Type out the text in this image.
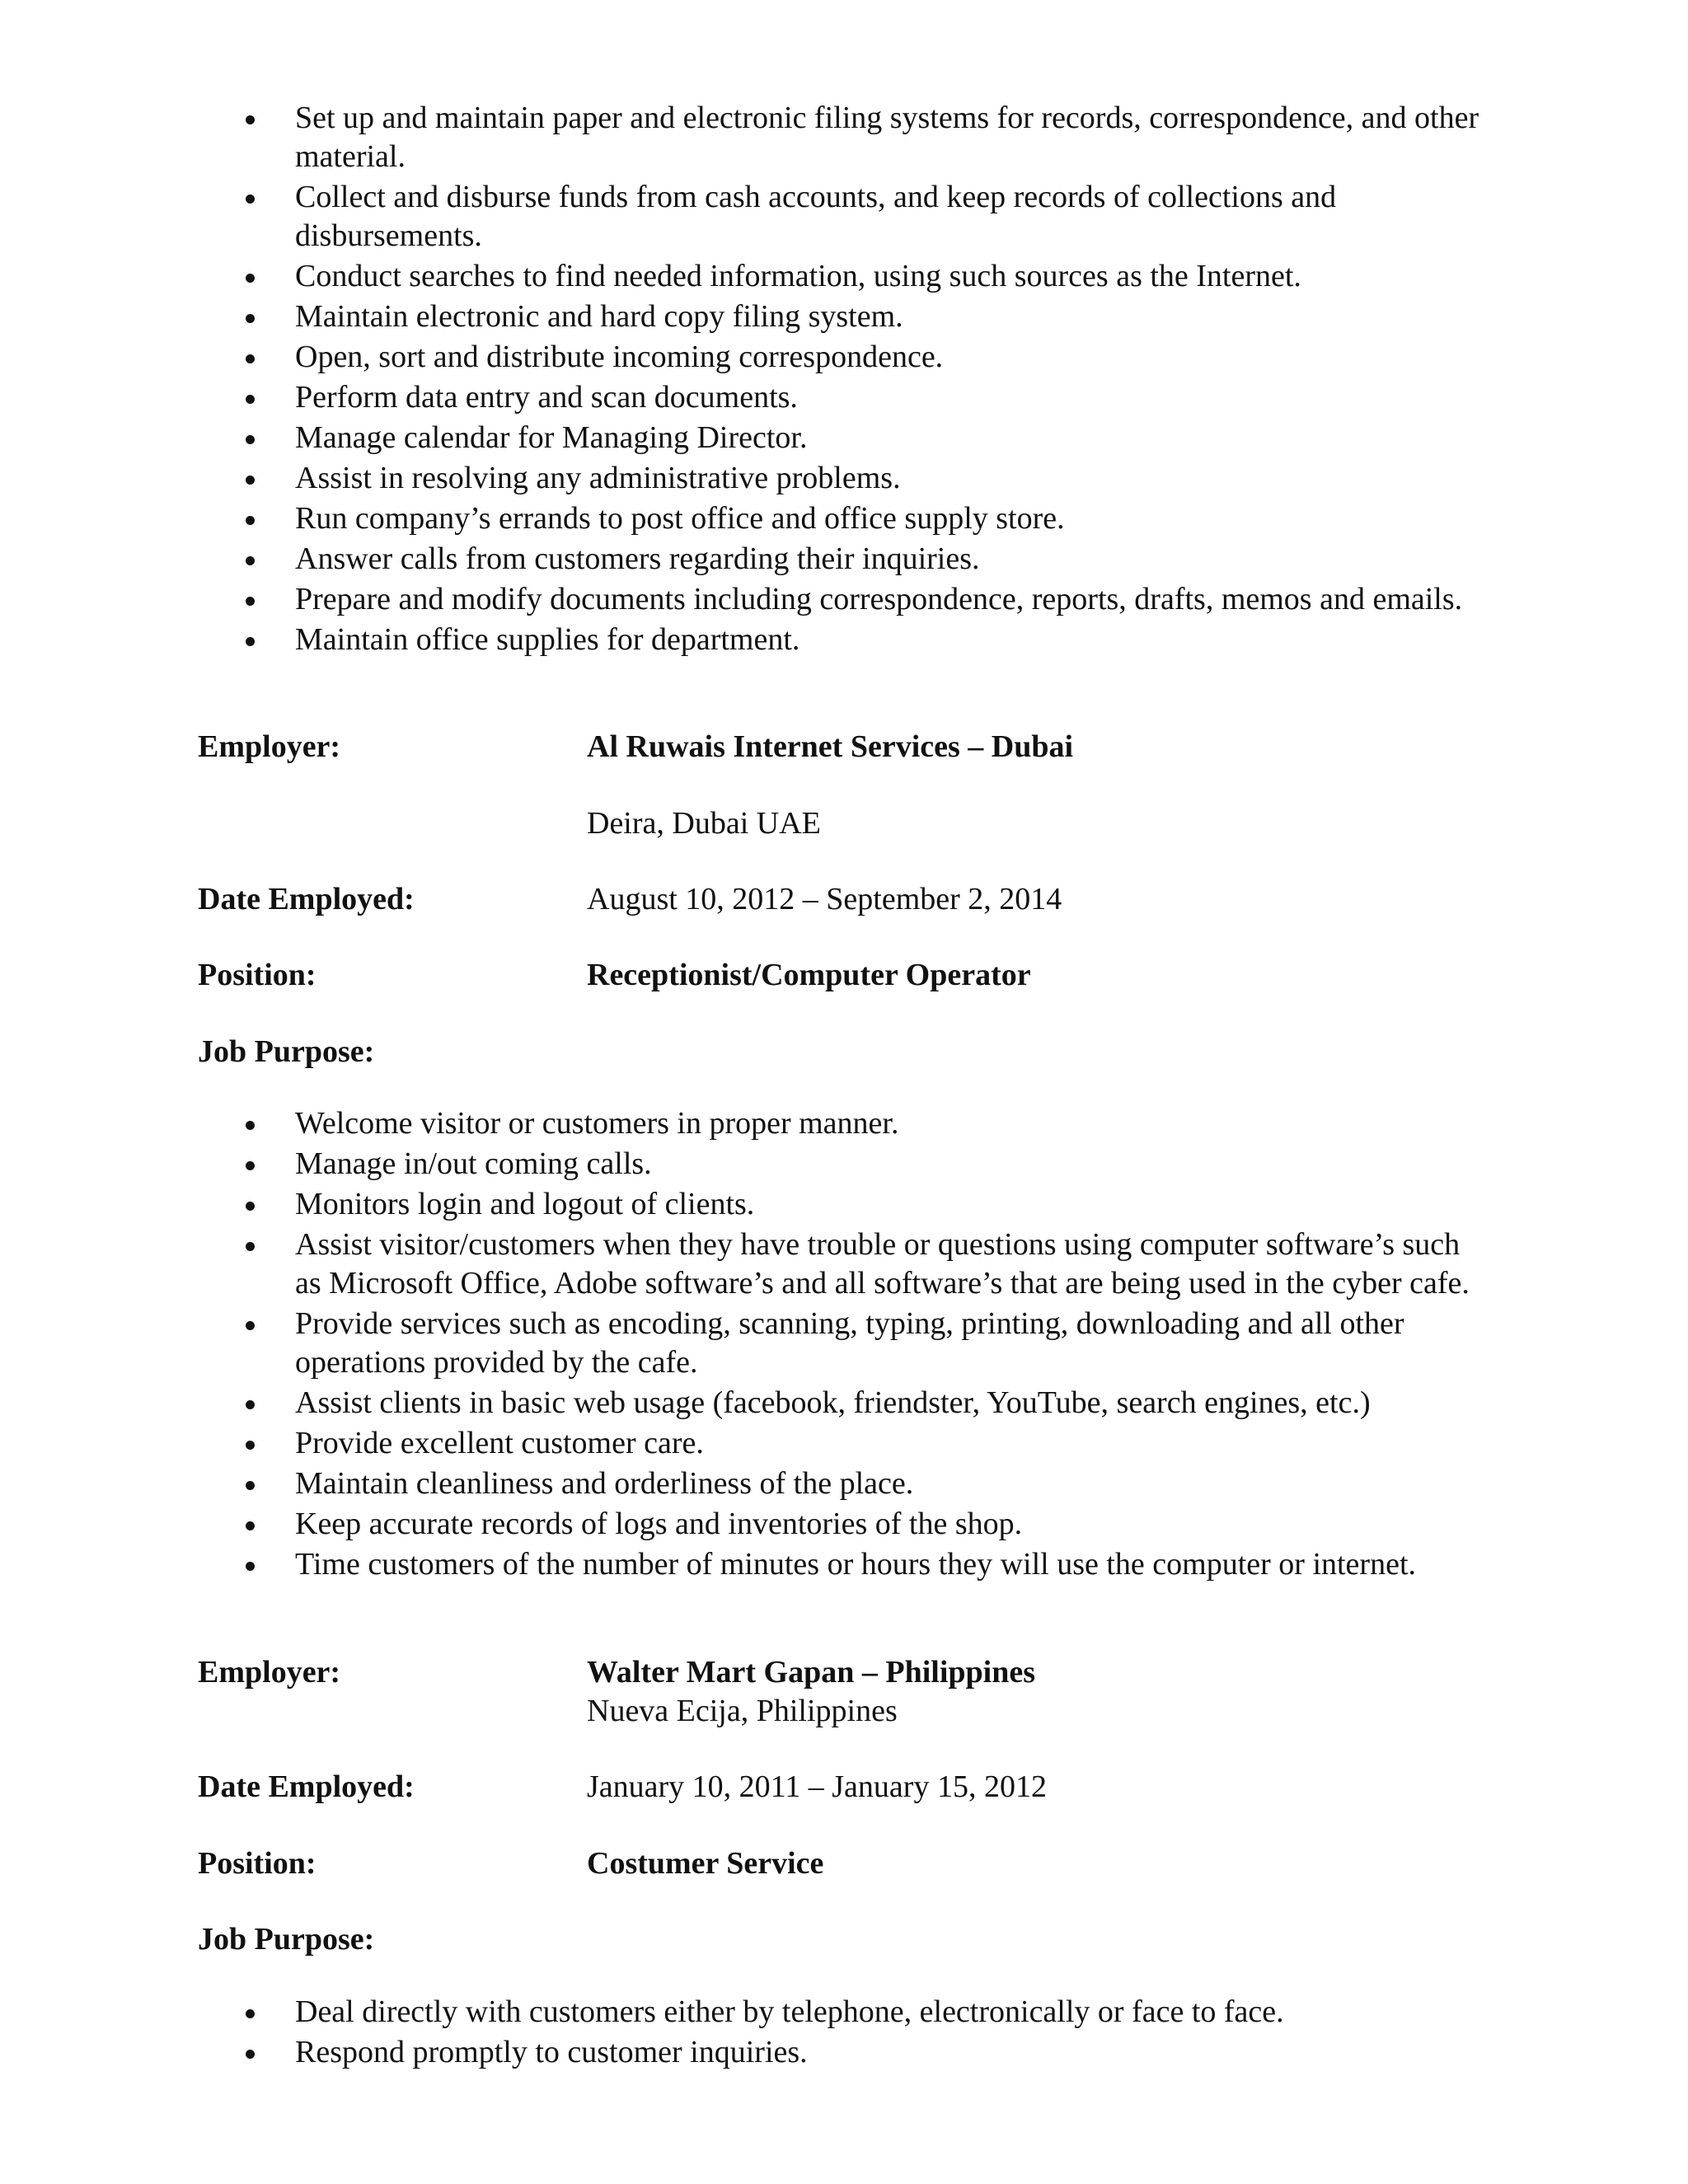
Set up and maintain paper and electronic filing systems for records, correspondence, and other material.
Collect and disburse funds from cash accounts, and keep records of collections and disbursements.
Conduct searches to find needed information, using such sources as the Internet.
Maintain electronic and hard copy filing system.
Open, sort and distribute incoming correspondence.
Perform data entry and scan documents.
Manage calendar for Managing Director.
Assist in resolving any administrative problems.
Run company’s errands to post office and office supply store.
Answer calls from customers regarding their inquiries.
Prepare and modify documents including correspondence, reports, drafts, memos and emails.
Maintain office supplies for department.
Employer:	Al Ruwais Internet Services – Dubai
Deira, Dubai UAE
Date Employed:	August 10, 2012 – September 2, 2014
Position:	Receptionist/Computer Operator
Job Purpose:
Welcome visitor or customers in proper manner.
Manage in/out coming calls.
Monitors login and logout of clients.
Assist visitor/customers when they have trouble or questions using computer software’s such as Microsoft Office, Adobe software’s and all software’s that are being used in the cyber cafe.
Provide services such as encoding, scanning, typing, printing, downloading and all other operations provided by the cafe.
Assist clients in basic web usage (facebook, friendster, YouTube, search engines, etc.)
Provide excellent customer care.
Maintain cleanliness and orderliness of the place.
Keep accurate records of logs and inventories of the shop.
Time customers of the number of minutes or hours they will use the computer or internet.
Employer:	Walter Mart Gapan – Philippines
Nueva Ecija, Philippines
Date Employed:	January 10, 2011 – January 15, 2012
Position:	Costumer Service
Job Purpose:
Deal directly with customers either by telephone, electronically or face to face.
Respond promptly to customer inquiries.
